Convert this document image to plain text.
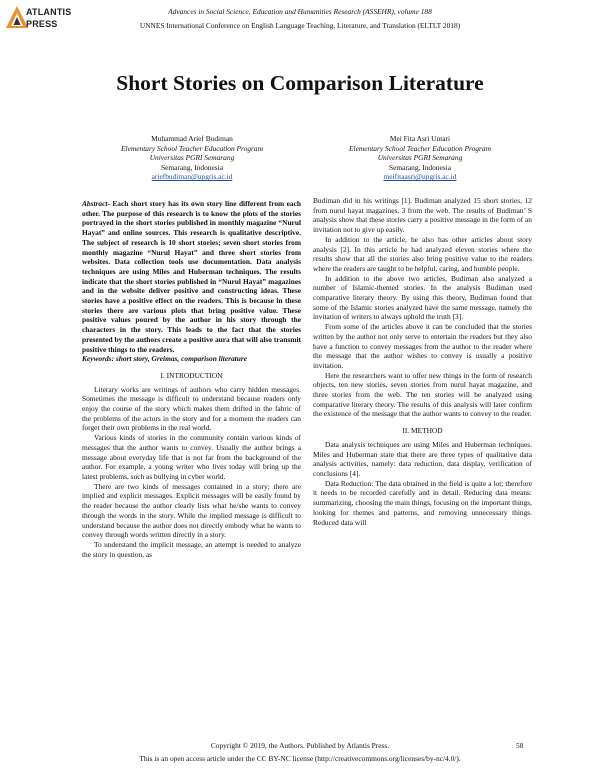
ATLANTIS
PRESS
Advances in Social Science, Education and Humanities Research (ASSEHR), volume 188
UNNES International Conference on English Language Teaching, Literature, and Translation (ELTLT 2018)
Short Stories on Comparison Literature
Muhammad Arief Budiman
Elementary School Teacher Education Program
Universitas PGRI Semarang
Semarang, Indonesia
ariefbudiman@upgris.ac.id
Mei Fita Asri Untari
Elementary School Teacher Education Program
Universitas PGRI Semarang
Semarang, Indonesia
meifitaasri@upgris.ac.id

Abstract- Each short story has its own story line different from each other. The purpose of this research is to know the plots of the stories portrayed in the short stories published in monthly magazine “Nurul Hayat” and online sources. This research is qualitative descriptive. The subject of research is 10 short stories; seven short stories from monthly magazine “Nurul Hayat” and three short stories from websites. Data collection tools use documentation. Data analysis techniques are using Miles and Huberman techniques. The results indicate that the short stories published in “Nurul Hayat” magazines and in the website deliver positive and constructing ideas. These stories have a positive effect on the readers. This is because in these stories there are various plots that bring positive value. These positive values poured by the author in his story through the characters in the story. This leads to the fact that the stories presented by the authors create a positive aura that will also transmit positive things to the readers.

Keywords: short story, Greimas, comparison literature

I. INTRODUCTION

Literary works are writings of authors who carry hidden messages. Sometimes the message is difficult to understand because readers only enjoy the course of the story which makes them drifted in the fabric of the problems of the actors in the story and for a moment the readers can forget their own problems in the real world.

Various kinds of stories in the community contain various kinds of messages that the author wants to convey. Usually the author brings a message about everyday life that is not far from the background of the author. For example, a young writer who lives today will bring up the latest problems, such as bullying in cyber world.

There are two kinds of messages contained in a story; there are implied and explicit messages. Explicit messages will be easily found by the reader because the author clearly lists what he/she wants to convey through the words in the story. While the implied message is difficult to understand because the author does not directly embody what he wants to convey through words written directly in a story.

To understand the implicit message, an attempt is needed to analyze the story in question, as

Budiman did in his writings [1]. Budiman analyzed 15 short stories, 12 from nurul hayat magazines, 3 from the web. The results of Budiman’ S analysis show that these stories carry a positive message in the form of an invitation not to give up easily.

In addition to the article, he also has other articles about story analysis [2]. In this article he had analyzed eleven stories where the results show that all the stories also bring positive value to the readers where the readers are taught to be helpful, caring, and humble people.

In addition to the above two articles, Budiman also analyzed a number of Islamic-themed stories. In the analysis Budiman used comparative literary theory. By using this theory, Budiman found that some of the Islamic stories analyzed have the same message, namely the invitation of writers to always uphold the truth [3].

From some of the articles above it can be concluded that the stories written by the author not only serve to entertain the readers but they also have a function to convey messages from the author to the reader where the message that the author wishes to convey is usually a positive invitation.

Here the researchers want to offer new things in the form of research objects, ten new stories, seven stories from nurul hayat magazine, and three stories from the web. The ten stories will be analyzed using comparative literary theory. The results of this analysis will later confirm the existence of the message that the author wants to convey to the reader.

II. METHOD

Data analysis techniques are using Miles and Huberman techniques. Miles and Huberman state that there are three types of qualitative data analysis activities, namely: data reduction, data display, verification of conclusions [4].

Data Reduction: The data obtained in the field is quite a lot; therefore it needs to be recorded carefully and in detail. Reducing data means: summarizing, choosing the main things, focusing on the important things, looking for themes and patterns, and removing unnecessary things. Reduced data will

Copyright © 2019, the Authors. Published by Atlantis Press.
This is an open access article under the CC BY-NC license (http://creativecommons.org/licenses/by-nc/4.0/).
58
